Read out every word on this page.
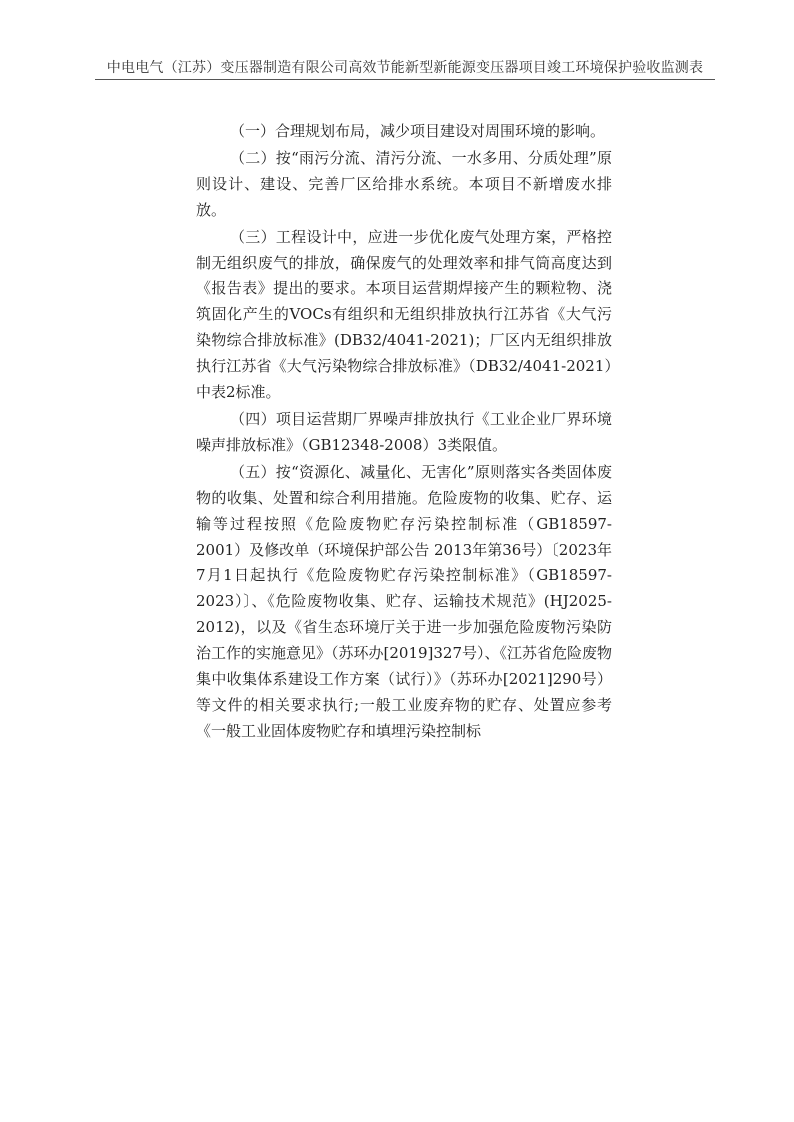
中电电气（江苏）变压器制造有限公司高效节能新型新能源变压器项目竣工环境保护验收监测表

（一）合理规划布局，减少项目建设对周围环境的影响。

（二）按“雨污分流、清污分流、一水多用、分质处理”原则设计、建设、完善厂区给排水系统。本项目不新增废水排放。

（三）工程设计中，应进一步优化废气处理方案，严格控制无组织废气的排放，确保废气的处理效率和排气筒高度达到《报告表》提出的要求。本项目运营期焊接产生的颗粒物、浇筑固化产生的VOCs有组织和无组织排放执行江苏省《大气污染物综合排放标准》(DB32/4041-2021)；厂区内无组织排放执行江苏省《大气污染物综合排放标准》（DB32/4041-2021）中表2标准。

（四）项目运营期厂界噪声排放执行《工业企业厂界环境噪声排放标准》（GB12348-2008）3类限值。

（五）按“资源化、减量化、无害化”原则落实各类固体废物的收集、处置和综合利用措施。危险废物的收集、贮存、运输等过程按照《危险废物贮存污染控制标准（GB18597-2001）及修改单（环境保护部公告 2013年第36号）〔2023年7月1日起执行《危险废物贮存污染控制标准》（GB18597-2023）〕、《危险废物收集、贮存、运输技术规范》(HJ2025-2012)，以及《省生态环境厅关于进一步加强危险废物污染防治工作的实施意见》（苏环办[2019]327号）、《江苏省危险废物集中收集体系建设工作方案（试行）》（苏环办[2021]290号）等文件的相关要求执行;一般工业废弃物的贮存、处置应参考《一般工业固体废物贮存和填埋污染控制标
